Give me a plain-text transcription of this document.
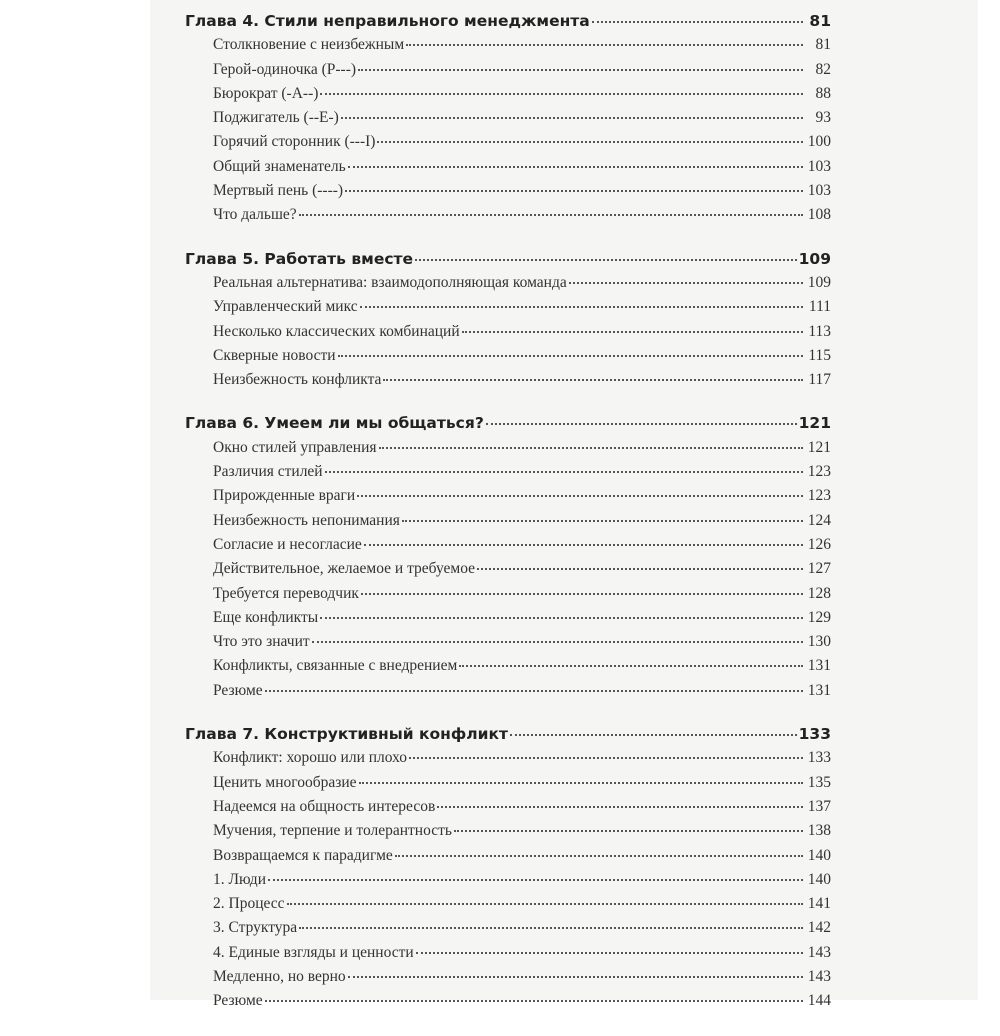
Глава 4. Стили неправильного менеджмента	81
Столкновение с неизбежным	81
Герой-одиночка (P---)	82
Бюрократ (-A--)	88
Поджигатель (--E-)	93
Горячий сторонник (---I)	100
Общий знаменатель	103
Мертвый пень (----)	103
Что дальше?	108
Глава 5. Работать вместе	109
Реальная альтернатива: взаимодополняющая команда	109
Управленческий микс	111
Несколько классических комбинаций	113
Скверные новости	115
Неизбежность конфликта	117
Глава 6. Умеем ли мы общаться?	121
Окно стилей управления	121
Различия стилей	123
Прирожденные враги	123
Неизбежность непонимания	124
Согласие и несогласие	126
Действительное, желаемое и требуемое	127
Требуется переводчик	128
Еще конфликты	129
Что это значит	130
Конфликты, связанные с внедрением	131
Резюме	131
Глава 7. Конструктивный конфликт	133
Конфликт: хорошо или плохо	133
Ценить многообразие	135
Надеемся на общность интересов	137
Мучения, терпение и толерантность	138
Возвращаемся к парадигме	140
1. Люди	140
2. Процесс	141
3. Структура	142
4. Единые взгляды и ценности	143
Медленно, но верно	143
Резюме	144
